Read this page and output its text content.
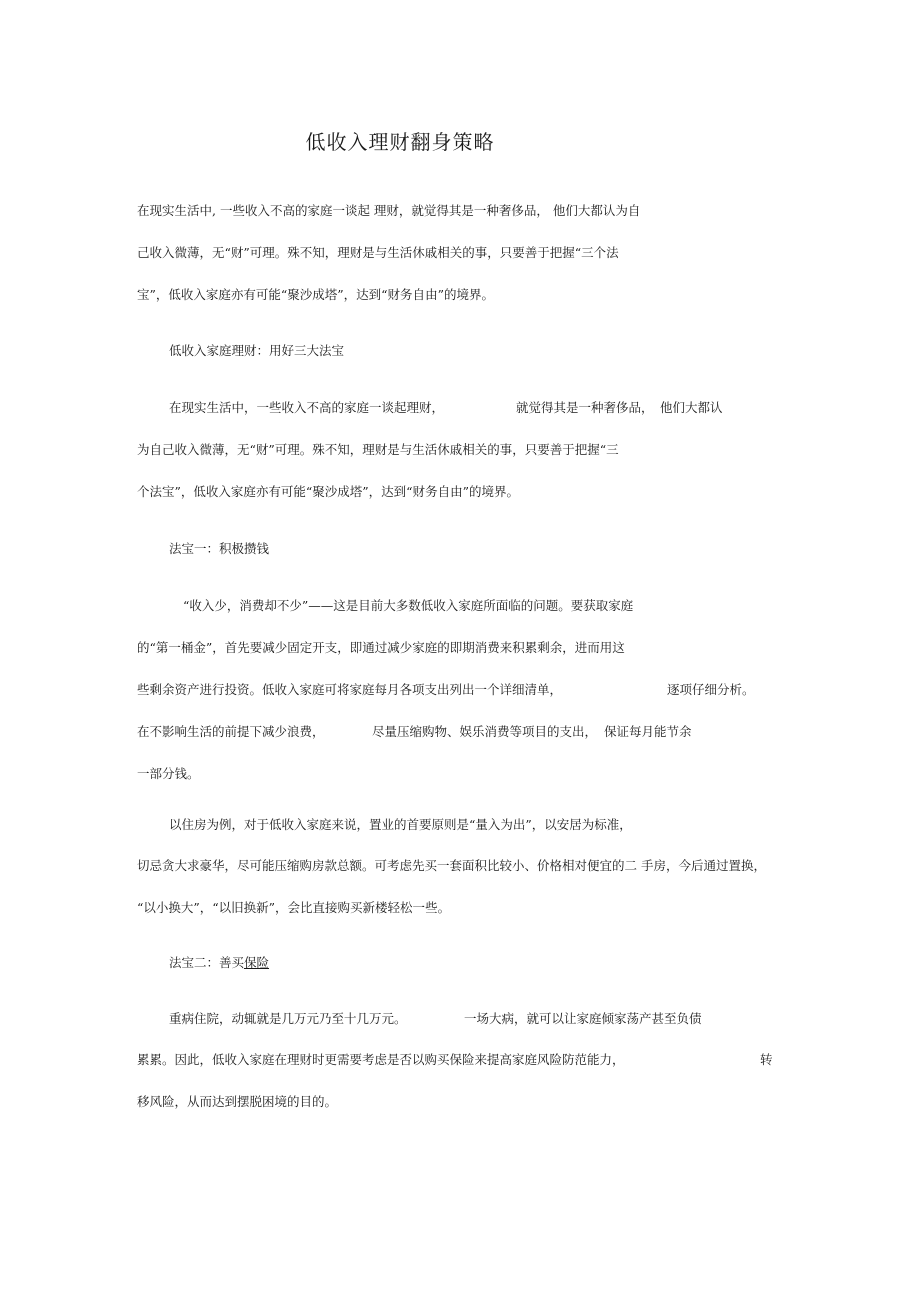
低收入理财翻身策略

在现实生活中, 一些收入不高的家庭一谈起 理财，就觉得其是一种奢侈品， 他们大都认为自

己收入微薄，无“财”可理。殊不知，理财是与生活休戚相关的事，只要善于把握“三个法

宝”，低收入家庭亦有可能“聚沙成塔”，达到“财务自由”的境界。

低收入家庭理财：用好三大法宝

在现实生活中，一些收入不高的家庭一谈起理财，	就觉得其是一种奢侈品， 他们大都认

为自己收入微薄，无“财”可理。殊不知，理财是与生活休戚相关的事，只要善于把握“三

个法宝”，低收入家庭亦有可能“聚沙成塔”，达到“财务自由”的境界。

法宝一：积极攒钱

“收入少，消费却不少”——这是目前大多数低收入家庭所面临的问题。要获取家庭

的“第一桶金”，首先要减少固定开支，即通过减少家庭的即期消费来积累剩余，进而用这

些剩余资产进行投资。低收入家庭可将家庭每月各项支出列出一个详细清单，	逐项仔细分析。

在不影响生活的前提下减少浪费，	尽量压缩购物、娱乐消费等项目的支出， 保证每月能节余

一部分钱。

以住房为例，对于低收入家庭来说，置业的首要原则是“量入为出”，以安居为标准，

切忌贪大求豪华，尽可能压缩购房款总额。可考虑先买一套面积比较小、价格相对便宜的二 手房，今后通过置换，

“以小换大”，“以旧换新”，会比直接购买新楼轻松一些。

法宝二：善买保险

重病住院，动辄就是几万元乃至十几万元。	一场大病，就可以让家庭倾家荡产甚至负债

累累。因此，低收入家庭在理财时更需要考虑是否以购买保险来提高家庭风险防范能力，	转

移风险，从而达到摆脱困境的目的。
